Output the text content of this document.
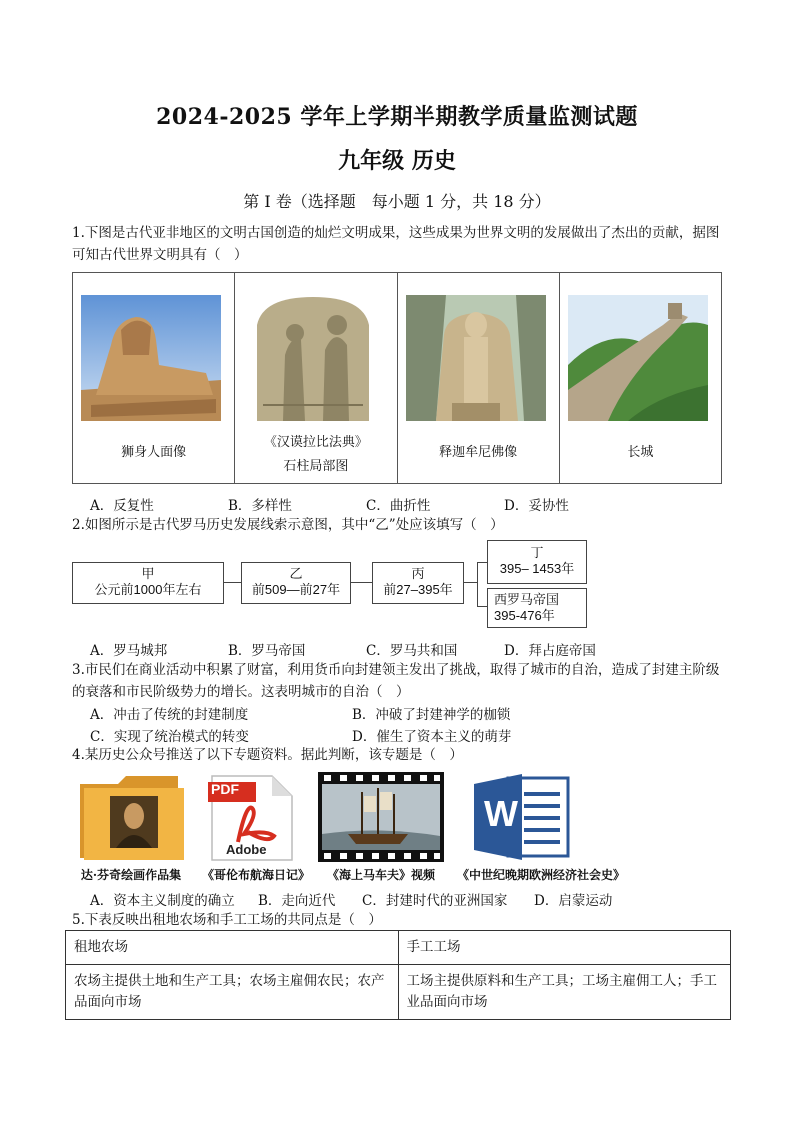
2024-2025 学年上学期半期教学质量监测试题
九年级 历史
第 I 卷（选择题　每小题 1 分，共 18 分）
1.下图是古代亚非地区的文明古国创造的灿烂文明成果，这些成果为世界文明的发展做出了杰出的贡献，据图可知古代世界文明具有（　）
狮身人面像
《汉谟拉比法典》
石柱局部图
释迦牟尼佛像	长城
A．反复性	B．多样性	C．曲折性	D．妥协性
2.如图所示是古代罗马历史发展线索示意图，其中“乙”处应该填写（　）
甲
公元前1000年左右
乙
前509—前27年
丙
前27–395年
丁
395– 1453年
西罗马帝国
395-476年
A．罗马城邦	B．罗马帝国	C．罗马共和国	D．拜占庭帝国
3.市民们在商业活动中积累了财富，利用货币向封建领主发出了挑战，取得了城市的自治，造成了封建主阶级的衰落和市民阶级势力的增长。这表明城市的自治（　）
A．冲击了传统的封建制度	B．冲破了封建神学的枷锁
C．实现了统治模式的转变	D．催生了资本主义的萌芽
4.某历史公众号推送了以下专题资料。据此判断，该专题是（　）
达·芬奇绘画作品集
PDF
Adobe
《哥伦布航海日记》	《海上马车夫》视频
W
《中世纪晚期欧洲经济社会史》
A．资本主义制度的确立	B．走向近代	C．封建时代的亚洲国家	D．启蒙运动
5.下表反映出租地农场和手工工场的共同点是（　）
租地农场	手工工场
农场主提供土地和生产工具；农场主雇佣农民；农产品面向市场	工场主提供原料和生产工具；工场主雇佣工人；手工业品面向市场
